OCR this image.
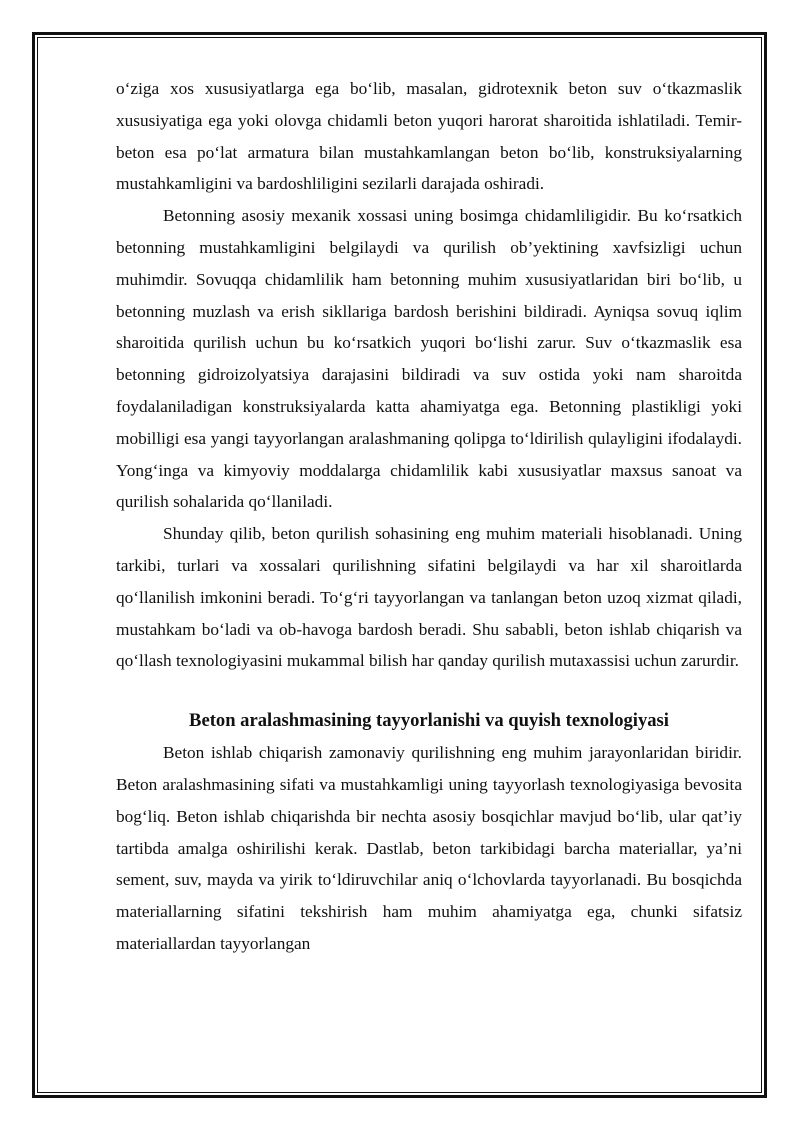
o‘ziga xos xususiyatlarga ega bo‘lib, masalan, gidrotexnik beton suv o‘tkazmaslik xususiyatiga ega yoki olovga chidamli beton yuqori harorat sharoitida ishlatiladi. Temir-beton esa po‘lat armatura bilan mustahkamlangan beton bo‘lib, konstruksiyalarning mustahkamligini va bardoshliligini sezilarli darajada oshiradi.

Betonning asosiy mexanik xossasi uning bosimga chidamliligidir. Bu ko‘rsatkich betonning mustahkamligini belgilaydi va qurilish ob’yektining xavfsizligi uchun muhimdir. Sovuqqa chidamlilik ham betonning muhim xususiyatlaridan biri bo‘lib, u betonning muzlash va erish sikllariga bardosh berishini bildiradi. Ayniqsa sovuq iqlim sharoitida qurilish uchun bu ko‘rsatkich yuqori bo‘lishi zarur. Suv o‘tkazmaslik esa betonning gidroizolyatsiya darajasini bildiradi va suv ostida yoki nam sharoitda foydalaniladigan konstruksiyalarda katta ahamiyatga ega. Betonning plastikligi yoki mobilligi esa yangi tayyorlangan aralashmaning qolipga to‘ldirilish qulayligini ifodalaydi. Yong‘inga va kimyoviy moddalarga chidamlilik kabi xususiyatlar maxsus sanoat va qurilish sohalarida qo‘llaniladi.

Shunday qilib, beton qurilish sohasining eng muhim materiali hisoblanadi. Uning tarkibi, turlari va xossalari qurilishning sifatini belgilaydi va har xil sharoitlarda qo‘llanilish imkonini beradi. To‘g‘ri tayyorlangan va tanlangan beton uzoq xizmat qiladi, mustahkam bo‘ladi va ob-havoga bardosh beradi. Shu sababli, beton ishlab chiqarish va qo‘llash texnologiyasini mukammal bilish har qanday qurilish mutaxassisi uchun zarurdir.

Beton aralashmasining tayyorlanishi va quyish texnologiyasi

Beton ishlab chiqarish zamonaviy qurilishning eng muhim jarayonlaridan biridir. Beton aralashmasining sifati va mustahkamligi uning tayyorlash texnologiyasiga bevosita bog‘liq. Beton ishlab chiqarishda bir nechta asosiy bosqichlar mavjud bo‘lib, ular qat’iy tartibda amalga oshirilishi kerak. Dastlab, beton tarkibidagi barcha materiallar, ya’ni sement, suv, mayda va yirik to‘ldiruvchilar aniq o‘lchovlarda tayyorlanadi. Bu bosqichda materiallarning sifatini tekshirish ham muhim ahamiyatga ega, chunki sifatsiz materiallardan tayyorlangan
